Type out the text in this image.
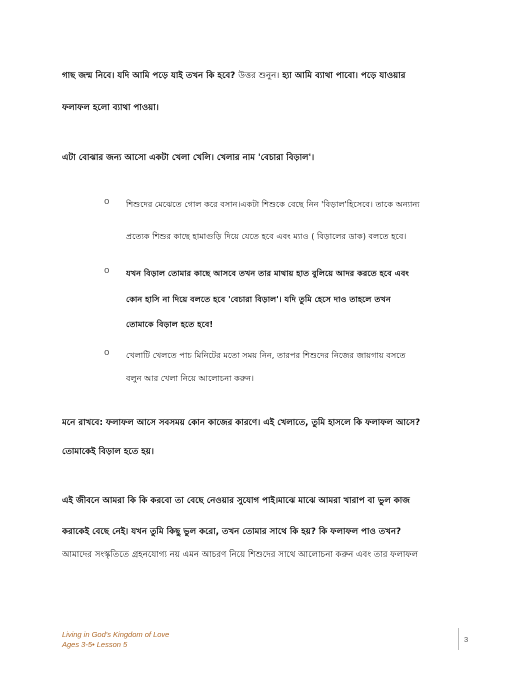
গাছ জন্ম নিবে। যদি আমি পড়ে যাই তখন কি হবে? উত্তর শুনুন। হ্যা আমি ব্যাথা পাবো। পড়ে যাওয়ার
ফলাফল হলো ব্যাথা পাওয়া।
এটা বোঝার জন্য আসো একটা খেলা খেলি। খেলার নাম 'বেচারা বিড়াল'।
o শিশুদের মেঝেতে গোল করে বসান।একটা শিশুকে বেছে নিন 'বিড়াল'হিসেবে। তাকে অন্যান্য
প্রত্যেক শিশুর কাছে হামাগুড়ি দিয়ে যেতে হবে এবং ম্যাও ( বিড়ালের ডাক) বলতে হবে।
o যখন বিড়াল তোমার কাছে আসবে তখন তার মাথায় হাত বুলিয়ে আদর করতে হবে এবং
কোন হাসি না দিয়ে বলতে হবে 'বেচারা বিড়াল'। যদি তুমি হেসে দাও তাহলে তখন
তোমাকে বিড়াল হতে হবে!
o খেলাটি খেলতে পাচ মিনিটের মতো সময় নিন, তারপর শিশুদের নিজের জায়গায় বসতে
বলুন আর খেলা নিয়ে আলোচনা করুন।
মনে রাখবে: ফলাফল আসে সবসময় কোন কাজের কারণে। এই খেলাতে, তুমি হাসলে কি ফলাফল আসে?
তোমাকেই বিড়াল হতে হয়।
এই জীবনে আমরা কি কি করবো তা বেছে নেওয়ার সুযোগ পাই।মাঝে মাঝে আমরা খারাপ বা ভুল কাজ
করাকেই বেছে নেই। যখন তুমি কিছু ভুল করো, তখন তোমার সাথে কি হয়? কি ফলাফল পাও তখন?
আমাদের সংস্কৃতিতে গ্রহনযোগ্য নয় এমন আচরণ নিয়ে শিশুদের সাথে আলোচনা করুন এবং তার ফলাফল
Living in God's Kingdom of Love
Ages 3-5• Lesson 5
3
